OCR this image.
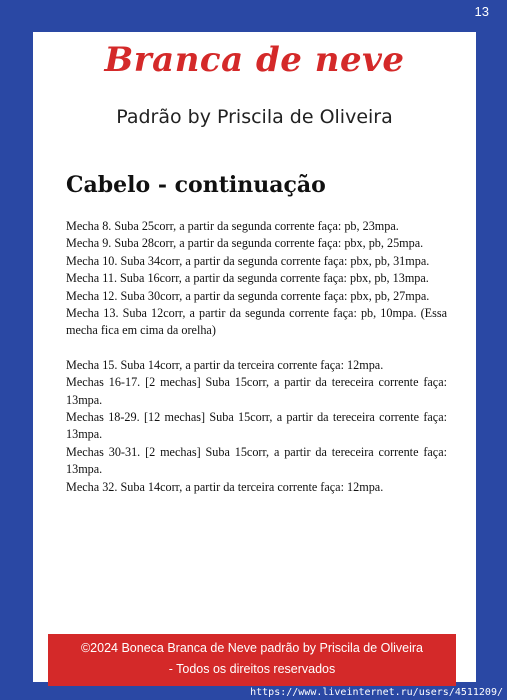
13
Branca de neve
Padrão by Priscila de Oliveira
Cabelo - continuação

Mecha 8. Suba 25corr, a partir da segunda corrente faça: pb, 23mpa.

Mecha 9. Suba 28corr, a partir da segunda corrente faça: pbx, pb, 25mpa.

Mecha 10. Suba 34corr, a partir da segunda corrente faça: pbx, pb, 31mpa.

Mecha 11. Suba 16corr, a partir da segunda corrente faça: pbx, pb, 13mpa.

Mecha 12. Suba 30corr, a partir da segunda corrente faça: pbx, pb, 27mpa.

Mecha 13. Suba 12corr, a partir da segunda corrente faça: pb, 10mpa. (Essa mecha fica em cima da orelha)

Mecha 15. Suba 14corr, a partir da terceira corrente faça: 12mpa.

Mechas 16-17. [2 mechas] Suba 15corr, a partir da tereceira corrente faça: 13mpa.

Mechas 18-29. [12 mechas] Suba 15corr, a partir da tereceira corrente faça: 13mpa.

Mechas 30-31. [2 mechas] Suba 15corr, a partir da tereceira corrente faça: 13mpa.

Mecha 32. Suba 14corr, a partir da terceira corrente faça: 12mpa.

©2024 Boneca Branca de Neve padrão by Priscila de Oliveira
- Todos os direitos reservados
https://www.liveinternet.ru/users/4511209/
